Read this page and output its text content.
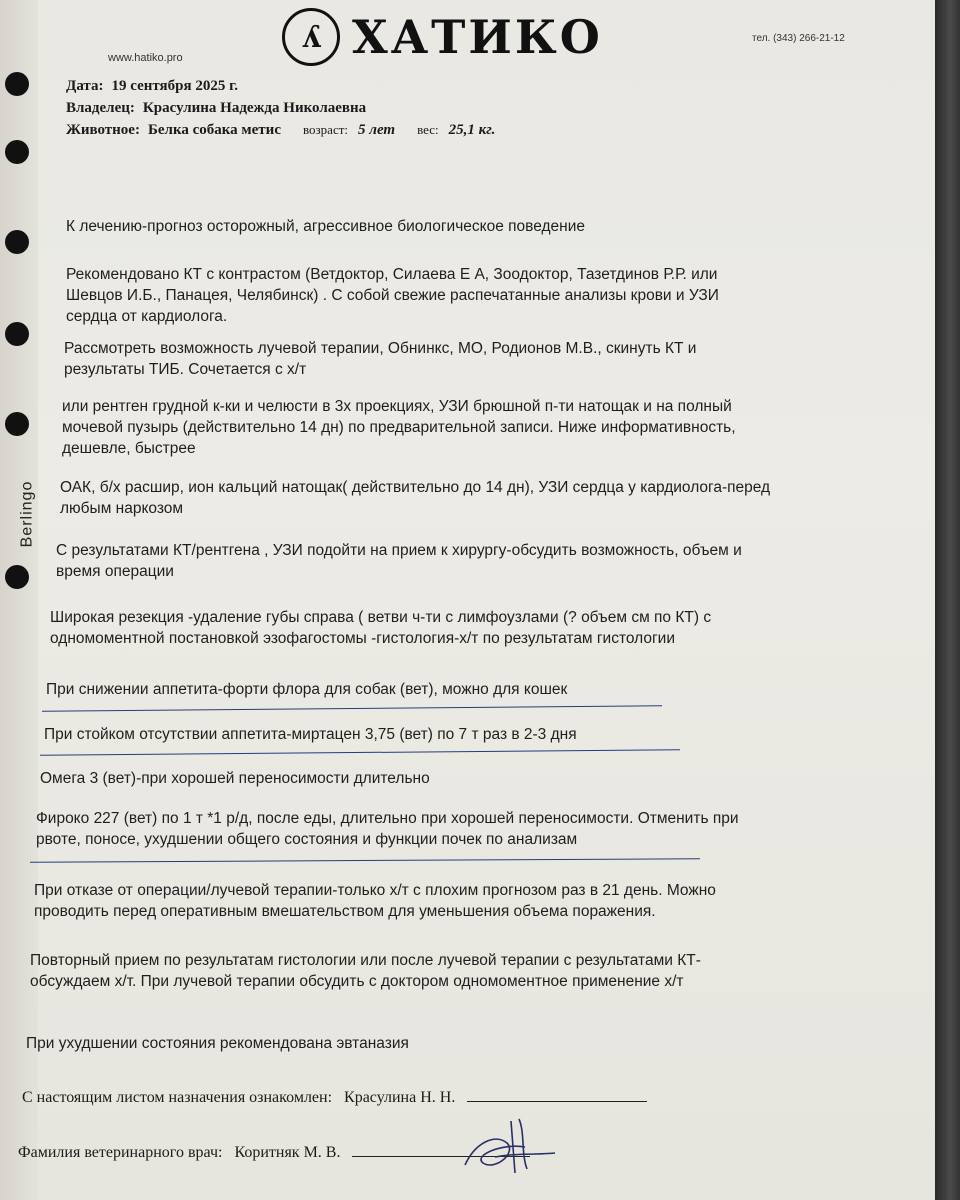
Berlingo
www.hatiko.pro
ʎ ХАТИКО	тел. (343) 266-21-12
Дата: 19 сентября 2025 г.
Владелец: Красулина Надежда Николаевна
Животное: Белка собака метис возраст: 5 лет вес: 25,1 кг.
К лечению-прогноз осторожный, агрессивное биологическое поведение
Рекомендовано КТ с контрастом (Ветдоктор, Силаева Е А, Зоодоктор, Тазетдинов Р.Р. или
Шевцов И.Б., Панацея, Челябинск) . С собой свежие распечатанные анализы крови и УЗИ
сердца от кардиолога.
Рассмотреть возможность лучевой терапии, Обнинкс, МО, Родионов М.В., скинуть КТ и
результаты ТИБ. Сочетается с х/т
или рентген грудной к-ки и челюсти в 3х проекциях, УЗИ брюшной п-ти натощак и на полный
мочевой пузырь (действительно 14 дн) по предварительной записи. Ниже информативность,
дешевле, быстрее
ОАК, б/х расшир, ион кальций натощак( действительно до 14 дн), УЗИ сердца у кардиолога-перед
любым наркозом
С результатами КТ/рентгена , УЗИ подойти на прием к хирургу-обсудить возможность, объем и
время операции
Широкая резекция -удаление губы справа ( ветви ч-ти с лимфоузлами (? объем см по КТ) с
одномоментной постановкой эзофагостомы -гистология-х/т по результатам гистологии
При снижении аппетита-форти флора для собак (вет), можно для кошек
При стойком отсутствии аппетита-миртацен 3,75 (вет) по 7 т раз в 2-3 дня
Омега 3 (вет)-при хорошей переносимости длительно
Фироко 227 (вет) по 1 т *1 р/д, после еды, длительно при хорошей переносимости. Отменить при
рвоте, поносе, ухудшении общего состояния и функции почек по анализам
При отказе от операции/лучевой терапии-только х/т с плохим прогнозом раз в 21 день. Можно
проводить перед оперативным вмешательством для уменьшения объема поражения.
Повторный прием по результатам гистологии или после лучевой терапии с результатами КТ-
обсуждаем х/т. При лучевой терапии обсудить с доктором одномоментное применение х/т
При ухудшении состояния рекомендована эвтаназия
С настоящим листом назначения ознакомлен: Красулина Н. Н.
Фамилия ветеринарного врач: Коритняк М. В.
